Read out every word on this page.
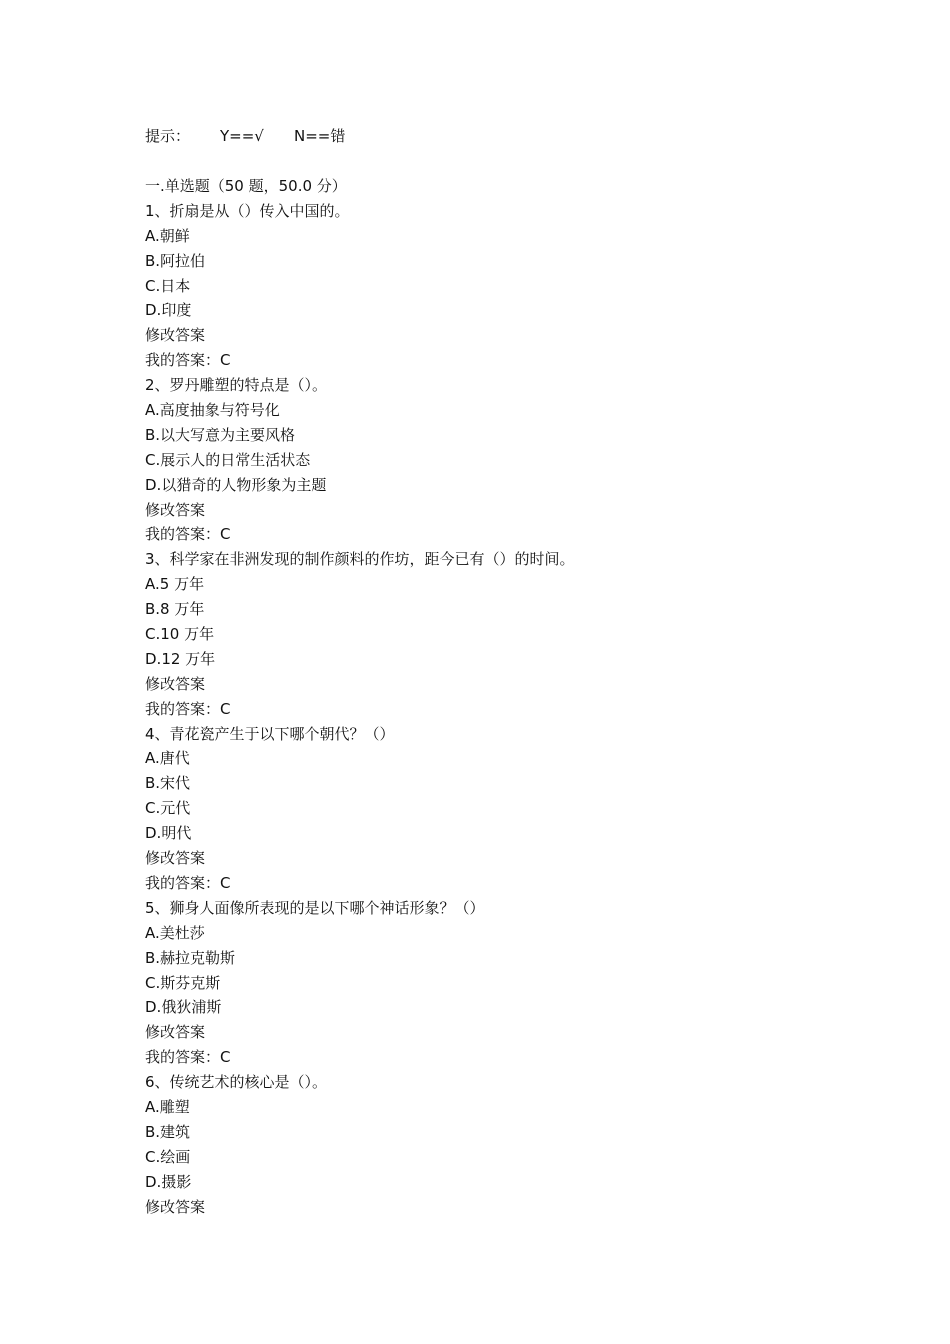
提示： Y==√ N==错
一.单选题（50 题，50.0 分）
1、折扇是从（）传入中国的。
A.朝鲜
B.阿拉伯
C.日本
D.印度
修改答案
我的答案：C
2、罗丹雕塑的特点是（）。
A.高度抽象与符号化
B.以大写意为主要风格
C.展示人的日常生活状态
D.以猎奇的人物形象为主题
修改答案
我的答案：C
3、科学家在非洲发现的制作颜料的作坊，距今已有（）的时间。
A.5 万年
B.8 万年
C.10 万年
D.12 万年
修改答案
我的答案：C
4、青花瓷产生于以下哪个朝代？（）
A.唐代
B.宋代
C.元代
D.明代
修改答案
我的答案：C
5、狮身人面像所表现的是以下哪个神话形象？（）
A.美杜莎
B.赫拉克勒斯
C.斯芬克斯
D.俄狄浦斯
修改答案
我的答案：C
6、传统艺术的核心是（）。
A.雕塑
B.建筑
C.绘画
D.摄影
修改答案
